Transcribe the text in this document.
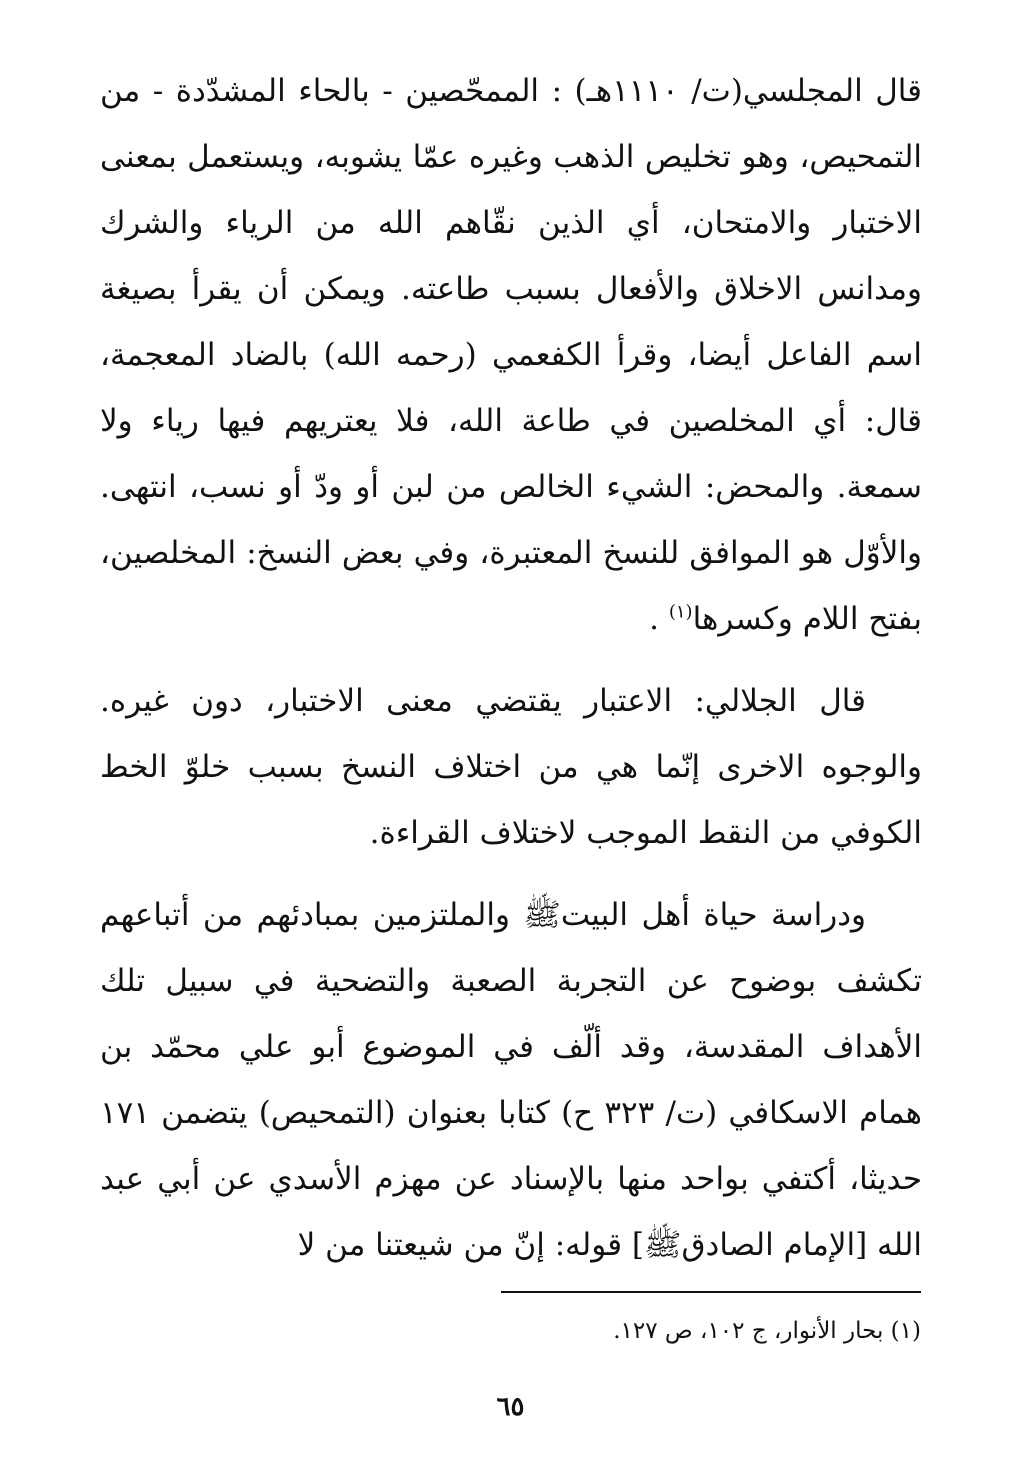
قال المجلسي(ت/ ١١١٠هـ) : الممحّصين - بالحاء المشدّدة - من التمحيص، وهو تخليص الذهب وغيره عمّا يشوبه، ويستعمل بمعنى الاختبار والامتحان، أي الذين نقّاهم الله من الرياء والشرك ومدانس الاخلاق والأفعال بسبب طاعته. ويمكن أن يقرأ بصيغة اسم الفاعل أيضا، وقرأ الكفعمي (رحمه الله) بالضاد المعجمة، قال: أي المخلصين في طاعة الله، فلا يعتريهم فيها رياء ولا سمعة. والمحض: الشيء الخالص من لبن أو ودّ أو نسب، انتهى. والأوّل هو الموافق للنسخ المعتبرة، وفي بعض النسخ: المخلصين، بفتح اللام وكسرها$^{(١)}$ .

قال الجلالي: الاعتبار يقتضي معنى الاختبار، دون غيره. والوجوه الاخرى إنّما هي من اختلاف النسخ بسبب خلوّ الخط الكوفي من النقط الموجب لاختلاف القراءة.

ودراسة حياة أهل البيتﷺ والملتزمين بمبادئهم من أتباعهم تكشف بوضوح عن التجربة الصعبة والتضحية في سبيل تلك الأهداف المقدسة، وقد ألّف في الموضوع أبو علي محمّد بن همام الاسكافي (ت/ ٣٢٣ ح) كتابا بعنوان (التمحيص) يتضمن ١٧١ حديثا، أكتفي بواحد منها بالإسناد عن مهزم الأسدي عن أبي عبد الله [الإمام الصادقﷺ] قوله: إنّ من شيعتنا من لا

(١) بحار الأنوار، ج ١٠٢، ص ١٢٧.
٦٥
